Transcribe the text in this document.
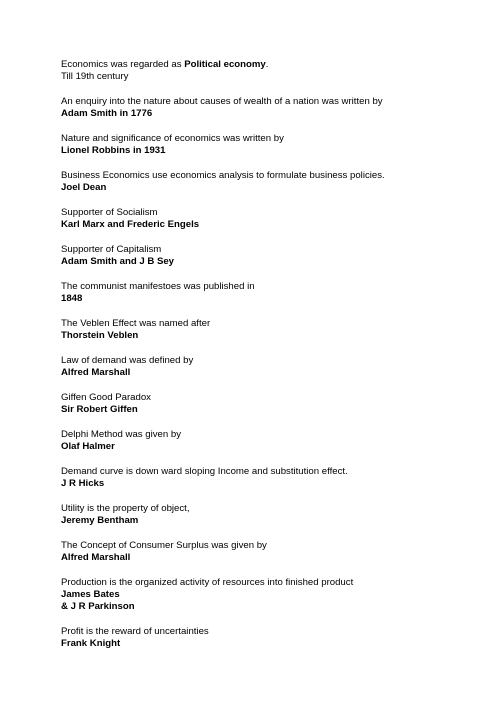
Economics was regarded as Political economy.
Till 19th century
An enquiry into the nature about causes of wealth of a nation was written by
Adam Smith in 1776
Nature and significance of economics was written by
Lionel Robbins in 1931
Business Economics use economics analysis to formulate business policies.
Joel Dean
Supporter of Socialism
Karl Marx and Frederic Engels
Supporter of Capitalism
Adam Smith and J B Sey
The communist manifestoes was published in
1848
The Veblen Effect was named after
Thorstein Veblen
Law of demand was defined by
Alfred Marshall
Giffen Good Paradox
Sir Robert Giffen
Delphi Method was given by
Olaf Halmer
Demand curve is down ward sloping Income and substitution effect.
J R Hicks
Utility is the property of object,
Jeremy Bentham
The Concept of Consumer Surplus was given by
Alfred Marshall
Production is the organized activity of resources into finished product
James Bates
& J R Parkinson
Profit is the reward of uncertainties
Frank Knight
